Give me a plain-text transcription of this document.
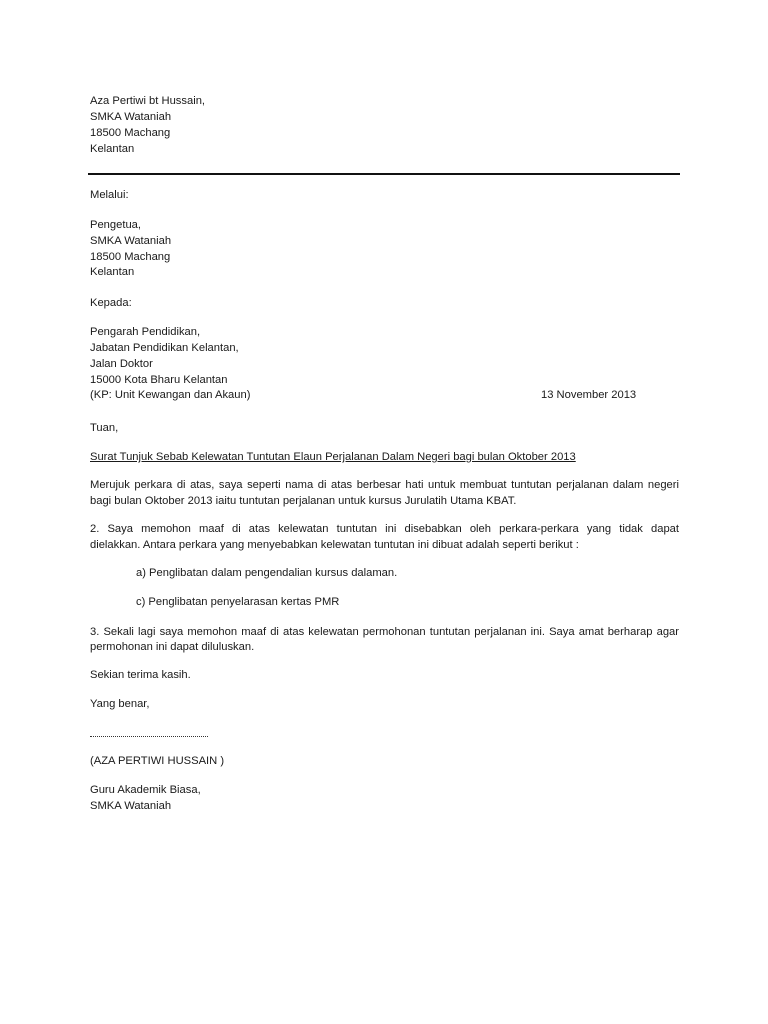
Aza Pertiwi bt Hussain,
SMKA Wataniah
18500 Machang
Kelantan
Melalui:
Pengetua,
SMKA Wataniah
18500 Machang
Kelantan
Kepada:
Pengarah Pendidikan,
Jabatan Pendidikan Kelantan,
Jalan Doktor
15000 Kota Bharu Kelantan
(KP: Unit Kewangan dan Akaun)	13 November 2013
Tuan,
Surat Tunjuk Sebab Kelewatan Tuntutan Elaun Perjalanan Dalam Negeri bagi bulan Oktober 2013
Merujuk perkara di atas, saya seperti nama di atas berbesar hati untuk membuat tuntutan perjalanan dalam negeri
bagi bulan Oktober 2013 iaitu tuntutan perjalanan untuk kursus Jurulatih Utama KBAT.
2. Saya memohon maaf di atas kelewatan tuntutan ini disebabkan oleh perkara-perkara yang tidak dapat
dielakkan. Antara perkara yang menyebabkan kelewatan tuntutan ini dibuat adalah seperti berikut :
a) Penglibatan dalam pengendalian kursus dalaman.
c) Penglibatan penyelarasan kertas PMR
3. Sekali lagi saya memohon maaf di atas kelewatan permohonan tuntutan perjalanan ini. Saya amat berharap agar
permohonan ini dapat diluluskan.
Sekian terima kasih.
Yang benar,
(AZA PERTIWI HUSSAIN )
Guru Akademik Biasa,
SMKA Wataniah
